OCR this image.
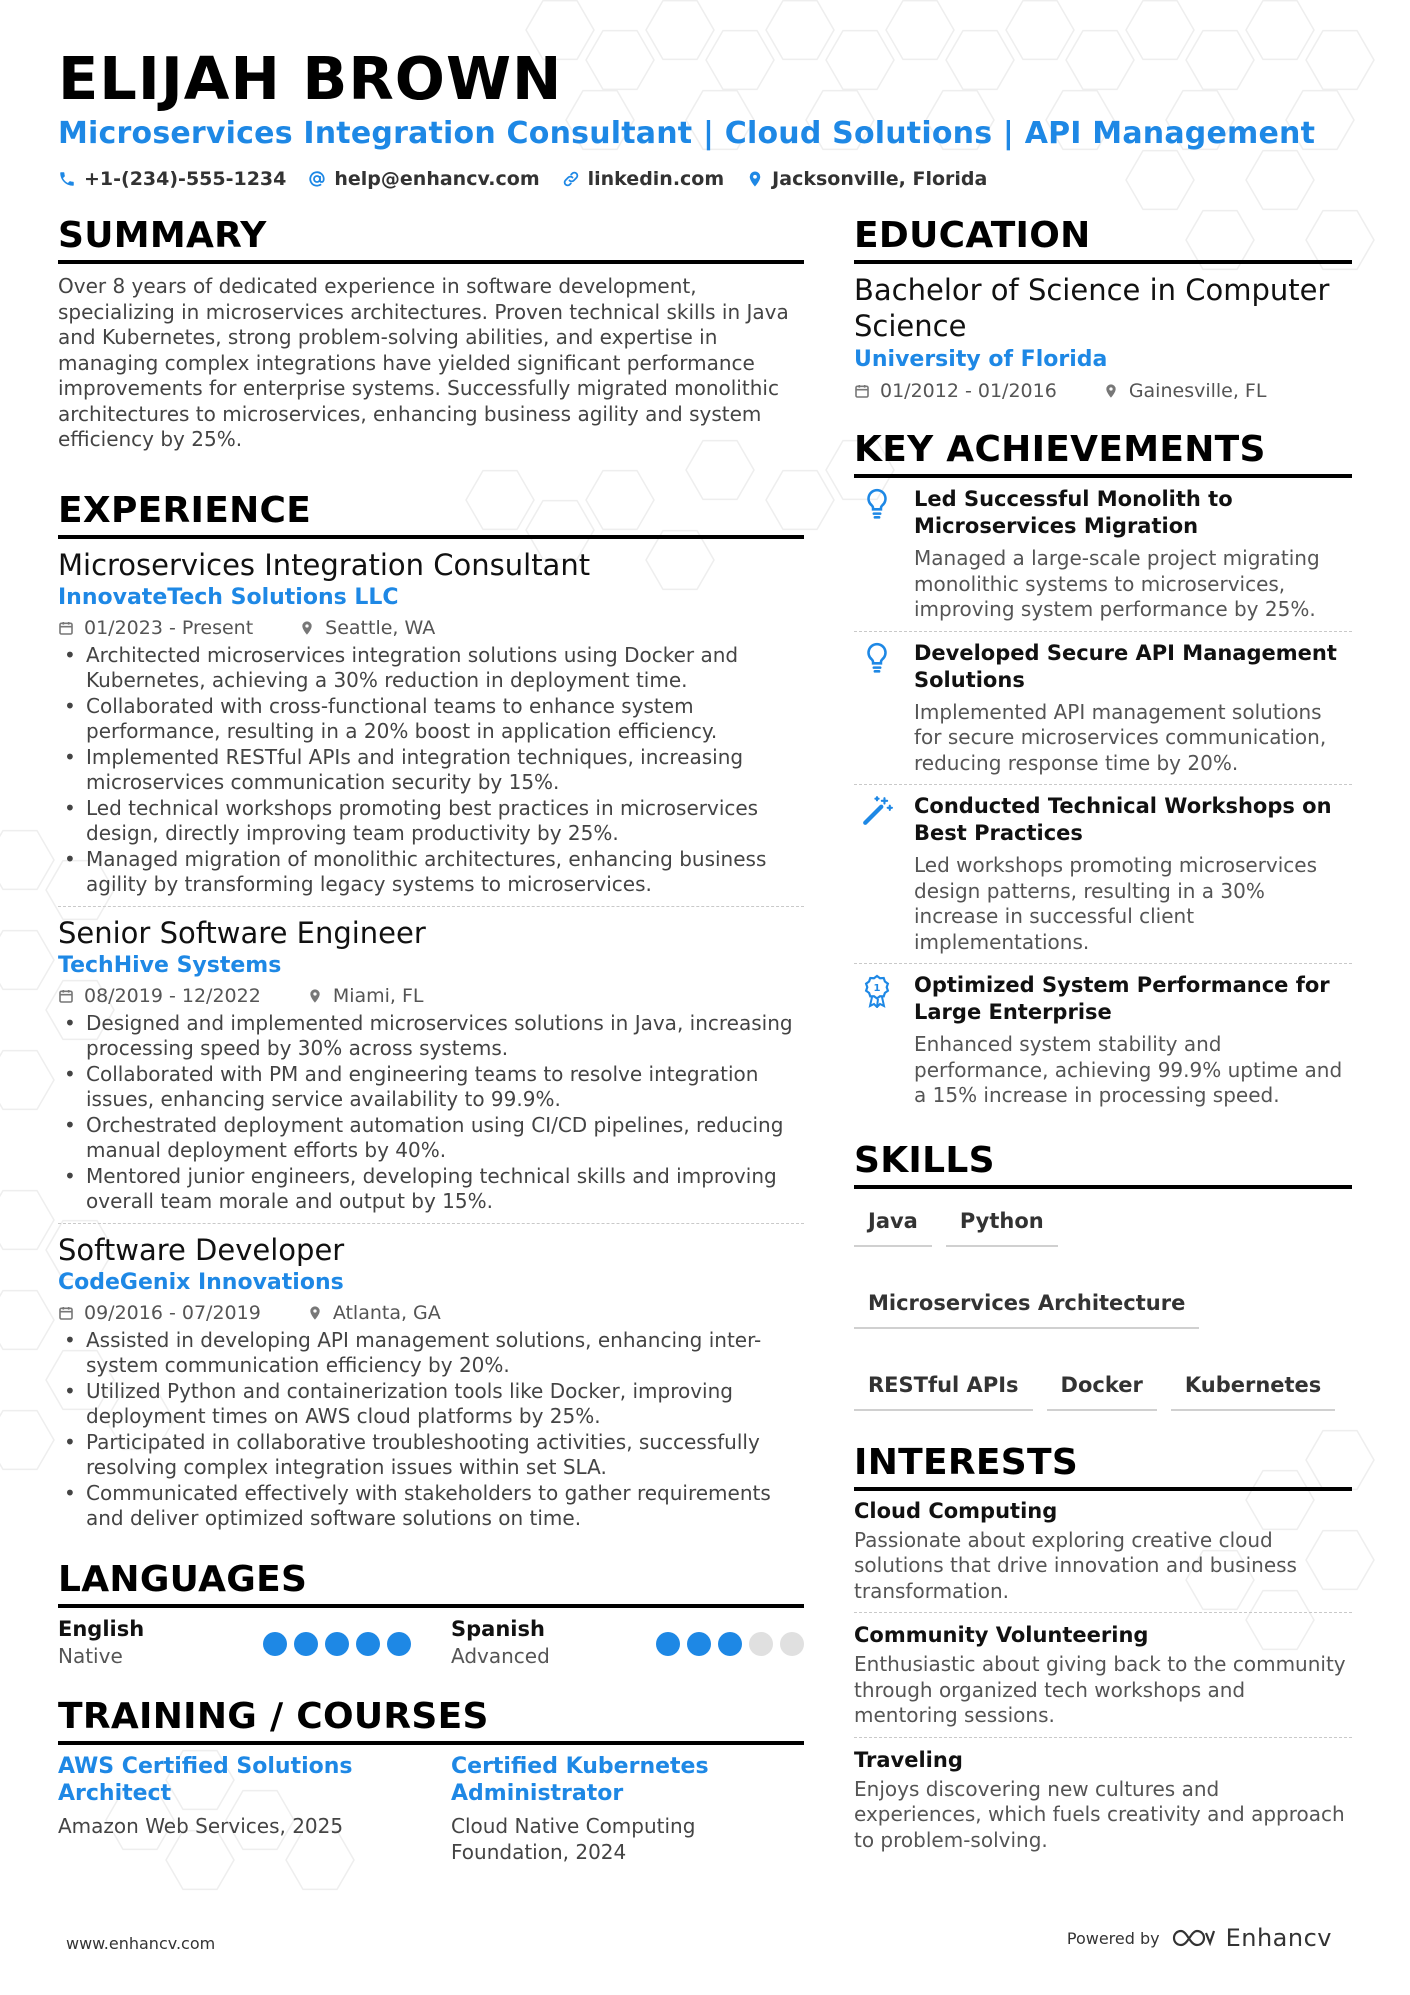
ELIJAH BROWN
Microservices Integration Consultant | Cloud Solutions | API Management
+1-(234)-555-1234	help@enhancv.com	linkedin.com	Jacksonville, Florida
SUMMARY
Over 8 years of dedicated experience in software development, specializing in microservices architectures. Proven technical skills in Java and Kubernetes, strong problem-solving abilities, and expertise in managing complex integrations have yielded significant performance improvements for enterprise systems. Successfully migrated monolithic architectures to microservices, enhancing business agility and system efficiency by 25%.
EXPERIENCE
Microservices Integration Consultant
InnovateTech Solutions LLC
01/2023 - Present	Seattle, WA
• Architected microservices integration solutions using Docker and Kubernetes, achieving a 30% reduction in deployment time.
• Collaborated with cross-functional teams to enhance system performance, resulting in a 20% boost in application efficiency.
• Implemented RESTful APIs and integration techniques, increasing microservices communication security by 15%.
• Led technical workshops promoting best practices in microservices design, directly improving team productivity by 25%.
• Managed migration of monolithic architectures, enhancing business agility by transforming legacy systems to microservices.
Senior Software Engineer
TechHive Systems
08/2019 - 12/2022	Miami, FL
• Designed and implemented microservices solutions in Java, increasing processing speed by 30% across systems.
• Collaborated with PM and engineering teams to resolve integration issues, enhancing service availability to 99.9%.
• Orchestrated deployment automation using CI/CD pipelines, reducing manual deployment efforts by 40%.
• Mentored junior engineers, developing technical skills and improving overall team morale and output by 15%.
Software Developer
CodeGenix Innovations
09/2016 - 07/2019	Atlanta, GA
• Assisted in developing API management solutions, enhancing inter-system communication efficiency by 20%.
• Utilized Python and containerization tools like Docker, improving deployment times on AWS cloud platforms by 25%.
• Participated in collaborative troubleshooting activities, successfully resolving complex integration issues within set SLA.
• Communicated effectively with stakeholders to gather requirements and deliver optimized software solutions on time.
LANGUAGES
English
Native
Spanish
Advanced
TRAINING / COURSES
AWS Certified Solutions Architect
Amazon Web Services, 2025
Certified Kubernetes Administrator
Cloud Native Computing Foundation, 2024
EDUCATION
Bachelor of Science in Computer Science
University of Florida
01/2012 - 01/2016	Gainesville, FL
KEY ACHIEVEMENTS
Led Successful Monolith to Microservices Migration
Managed a large-scale project migrating monolithic systems to microservices, improving system performance by 25%.
Developed Secure API Management Solutions
Implemented API management solutions for secure microservices communication, reducing response time by 20%.
Conducted Technical Workshops on Best Practices
Led workshops promoting microservices design patterns, resulting in a 30% increase in successful client implementations.
1 Optimized System Performance for Large Enterprise
Enhanced system stability and performance, achieving 99.9% uptime and a 15% increase in processing speed.
SKILLS
Java	Python
Microservices Architecture
RESTful APIs	Docker	Kubernetes
INTERESTS
Cloud Computing
Passionate about exploring creative cloud solutions that drive innovation and business transformation.
Community Volunteering
Enthusiastic about giving back to the community through organized tech workshops and mentoring sessions.
Traveling
Enjoys discovering new cultures and experiences, which fuels creativity and approach to problem-solving.
www.enhancv.com	Powered by	Enhancv
